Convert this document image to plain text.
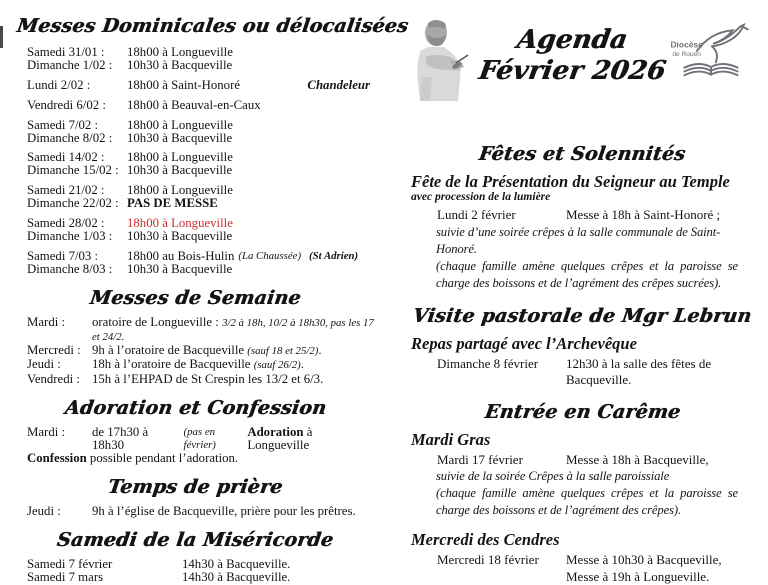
Messes Dominicales ou délocalisées
Samedi 31/01 :	18h00 à Longueville
Dimanche 1/02 :	10h30 à Bacqueville
Lundi 2/02 :	18h00 à Saint-Honoré	Chandeleur
Vendredi 6/02 :	18h00 à Beauval-en-Caux
Samedi 7/02 :	18h00 à Longueville
Dimanche 8/02 :	10h30 à Bacqueville
Samedi 14/02 :	18h00 à Longueville
Dimanche 15/02 : 10h30 à Bacqueville
Samedi 21/02 :	18h00 à Longueville
Dimanche 22/02 : PAS DE MESSE
Samedi 28/02 :	18h00 à Longueville
Dimanche 1/03 :	10h30 à Bacqueville
Samedi 7/03 :	18h00 au Bois-Hulin (La Chaussée) (St Adrien)
Dimanche 8/03 :	10h30 à Bacqueville
Messes de Semaine
Mardi :	oratoire de Longueville : 3/2 à 18h, 10/2 à 18h30, pas les 17 et 24/2.
Mercredi : 9h à l’oratoire de Bacqueville (sauf 18 et 25/2).
Jeudi :	18h à l’oratoire de Bacqueville (sauf 26/2).
Vendredi : 15h à l’EHPAD de St Crespin les 13/2 et 6/3.
Adoration et Confession
Mardi :	de 17h30 à 18h30
(pas en février)
Adoration à Longueville
Confession possible pendant l’adoration.
Temps de prière
Jeudi :	9h à l’église de Bacqueville, prière pour les prêtres.
Samedi de la Miséricorde
Samedi 7 février	14h30 à Bacqueville.
Samedi 7 mars	14h30 à Bacqueville.
Agenda
Février 2026
Diocèse
de Rouen
Fêtes et Solennités
Fête de la Présentation du Seigneur au Temple
avec procession de la lumière
Lundi 2 février	Messe à 18h à Saint-Honoré ;
suivie d’une soirée crêpes à la salle communale de Saint-Honoré.
(chaque famille amène quelques crêpes et la paroisse se charge des boissons et de l’agrément des crêpes sucrées).
Visite pastorale de Mgr Lebrun
Repas partagé avec l’Archevêque
Dimanche 8 février	12h30 à la salle des fêtes de Bacqueville.
Entrée en Carême
Mardi Gras
Mardi 17 février	Messe à 18h à Bacqueville,
suivie de la soirée Crêpes à la salle paroissiale
(chaque famille amène quelques crêpes et la paroisse se charge des boissons et de l’agrément des crêpes).
Mercredi des Cendres
Mercredi 18 février	Messe à 10h30 à Bacqueville,
Messe à 19h à Longueville.
